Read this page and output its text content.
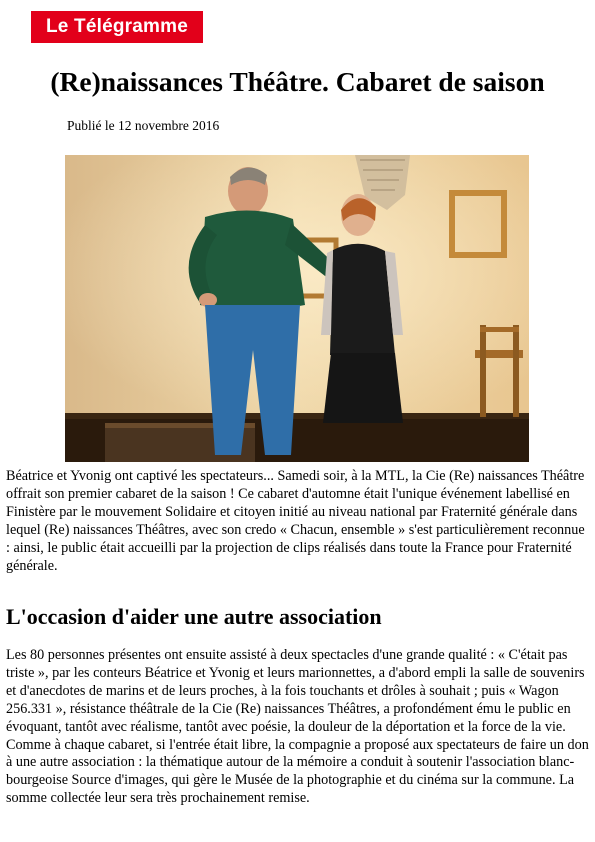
Le Télégramme
(Re)naissances Théâtre. Cabaret de saison
Publié le 12 novembre 2016

Béatrice et Yvonig ont captivé les spectateurs... Samedi soir, à la MTL, la Cie (Re) naissances Théâtre offrait son premier cabaret de la saison ! Ce cabaret d'automne était l'unique événement labellisé en Finistère par le mouvement Solidaire et citoyen initié au niveau national par Fraternité générale dans lequel (Re) naissances Théâtres, avec son credo « Chacun, ensemble » s'est particulièrement reconnue : ainsi, le public était accueilli par la projection de clips réalisés dans toute la France pour Fraternité générale.

L'occasion d'aider une autre association

Les 80 personnes présentes ont ensuite assisté à deux spectacles d'une grande qualité : « C'était pas triste », par les conteurs Béatrice et Yvonig et leurs marionnettes, a d'abord empli la salle de souvenirs et d'anecdotes de marins et de leurs proches, à la fois touchants et drôles à souhait ; puis « Wagon 256.331 », résistance théâtrale de la Cie (Re) naissances Théâtres, a profondément ému le public en évoquant, tantôt avec réalisme, tantôt avec poésie, la douleur de la déportation et la force de la vie. Comme à chaque cabaret, si l'entrée était libre, la compagnie a proposé aux spectateurs de faire un don à une autre association : la thématique autour de la mémoire a conduit à soutenir l'association blanc-bourgeoise Source d'images, qui gère le Musée de la photographie et du cinéma sur la commune. La somme collectée leur sera très prochainement remise.
